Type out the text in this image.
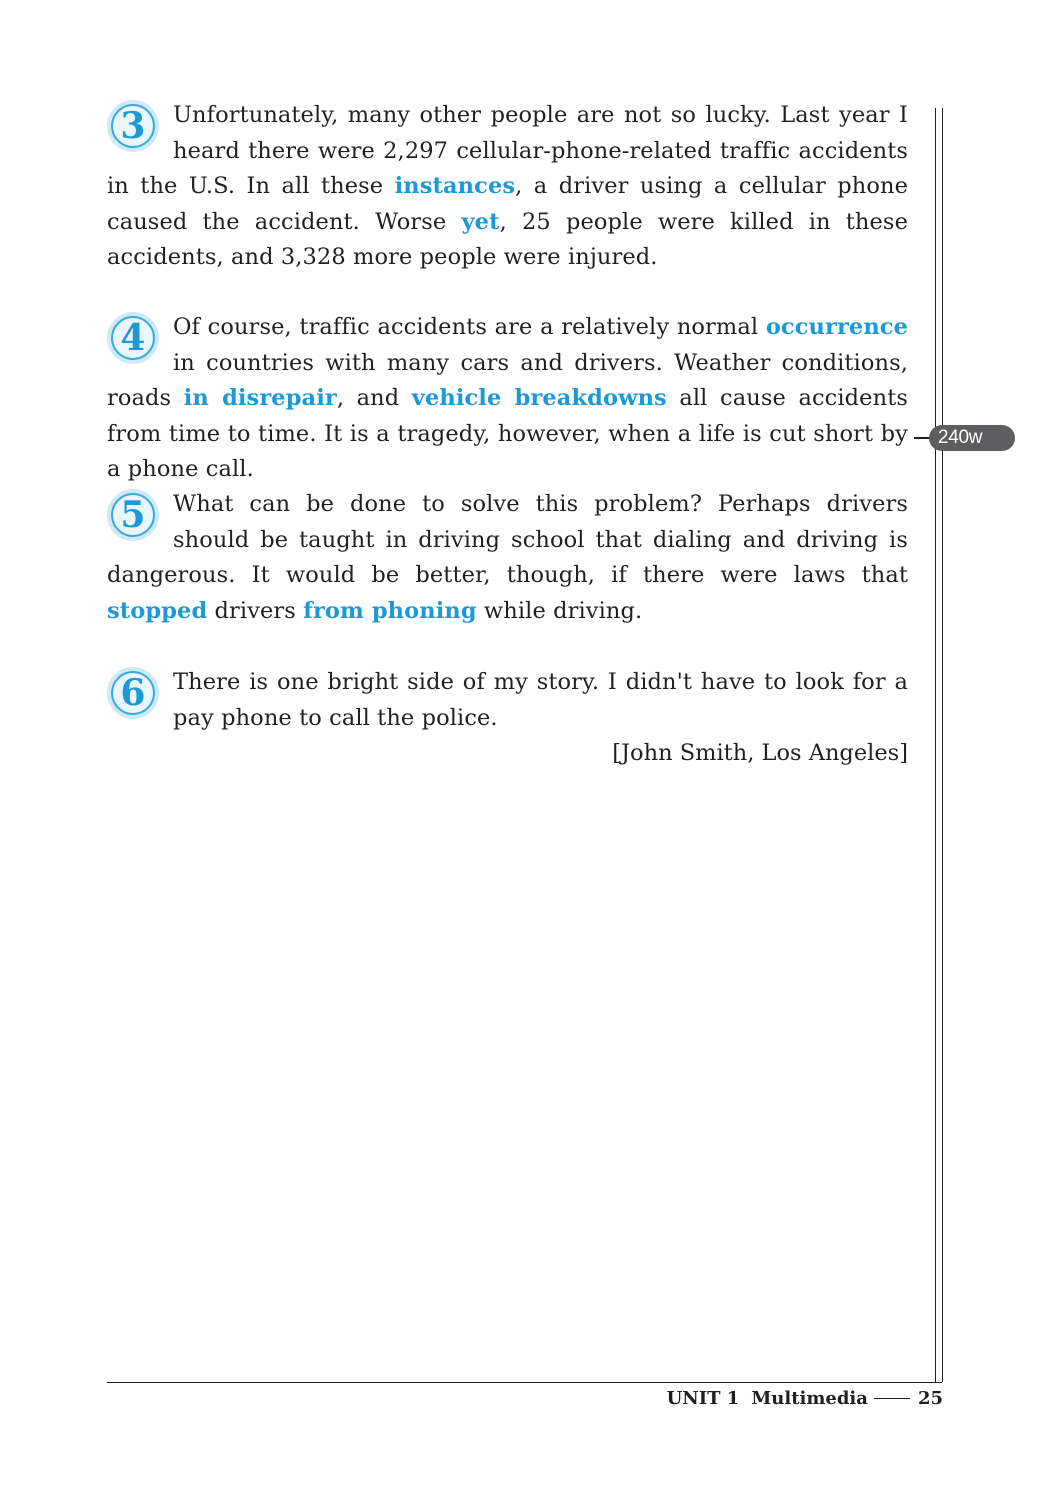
3	Unfortunately, many other people are not so lucky. Last year I heard there were 2,297 cellular-phone-related traffic accidents in the U.S. In all these instances, a driver using a cellular phone caused the accident. Worse yet, 25 people were killed in these accidents, and 3,328 more people were injured.

4	Of course, traffic accidents are a relatively normal occurrence in countries with many cars and drivers. Weather conditions, roads in disrepair, and vehicle breakdowns all cause accidents from time to time. It is a tragedy, however, when a life is cut short by a phone call.

5	What can be done to solve this problem? Perhaps drivers should be taught in driving school that dialing and driving is dangerous. It would be better, though, if there were laws that stopped drivers from phoning while driving.

6	There is one bright side of my story. I didn't have to look for a pay phone to call the police.

[John Smith, Los Angeles]
240w
UNIT 1 Multimedia	25
